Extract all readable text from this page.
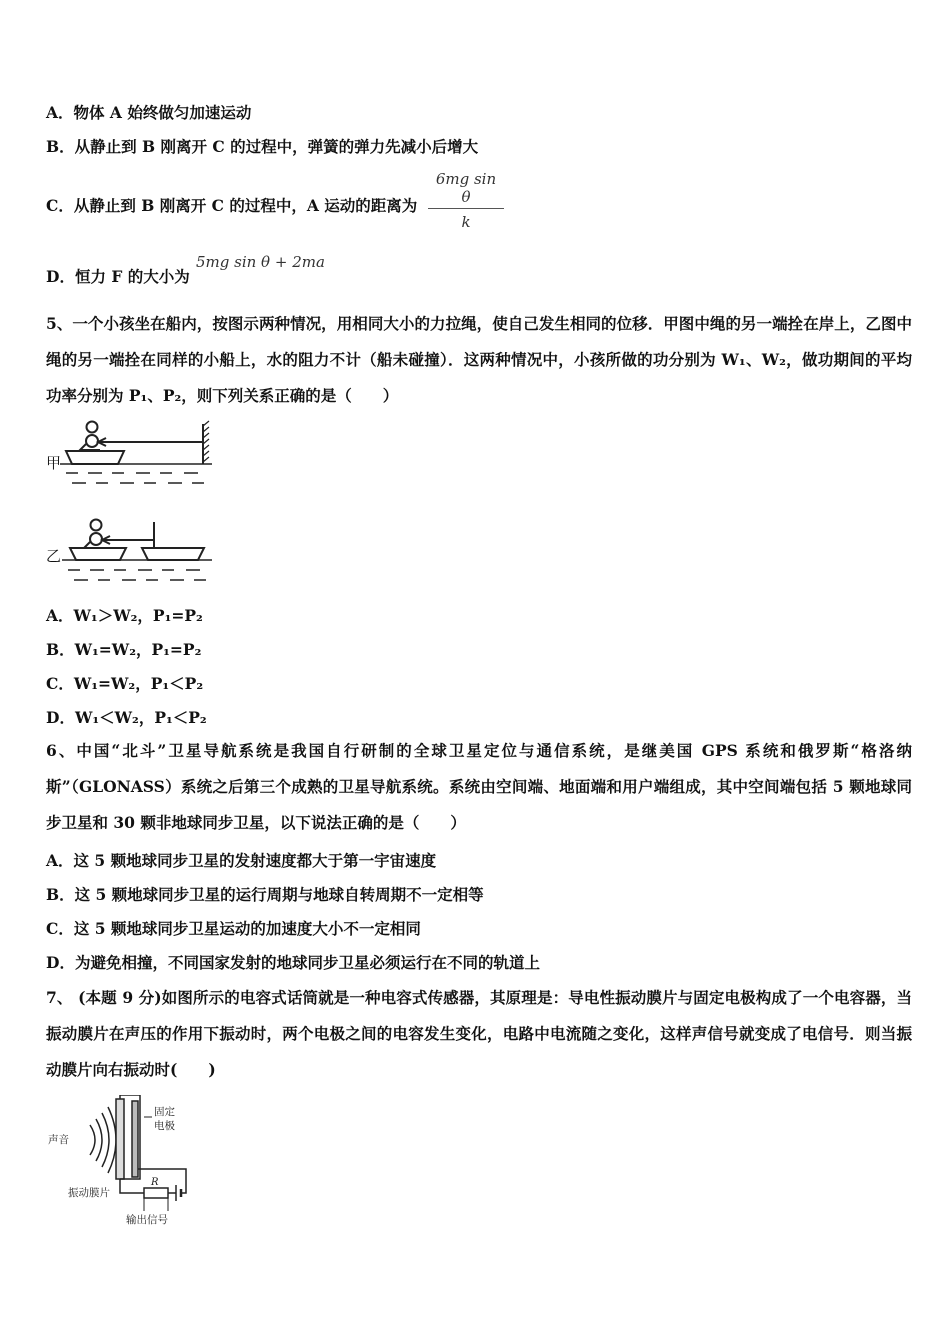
A．物体 A 始终做匀加速运动
B．从静止到 B 刚离开 C 的过程中，弹簧的弹力先减小后增大
C．从静止到 B 刚离开 C 的过程中，A 运动的距离为
6mg sin θ
k
D．恒力 F 的大小为
5mg sin θ + 2ma
5、一个小孩坐在船内，按图示两种情况，用相同大小的力拉绳，使自己发生相同的位移．甲图中绳的另一端拴在岸上，乙图中绳的另一端拴在同样的小船上，水的阻力不计（船未碰撞）．这两种情况中，小孩所做的功分别为 W₁、W₂，做功期间的平均功率分别为 P₁、P₂，则下列关系正确的是（　　）
甲
乙
A．W₁＞W₂，P₁=P₂
B．W₁=W₂，P₁=P₂
C．W₁=W₂，P₁＜P₂
D．W₁＜W₂，P₁＜P₂
6、中国“北斗”卫星导航系统是我国自行研制的全球卫星定位与通信系统，是继美国 GPS 系统和俄罗斯“格洛纳斯”（GLONASS）系统之后第三个成熟的卫星导航系统。系统由空间端、地面端和用户端组成，其中空间端包括 5 颗地球同步卫星和 30 颗非地球同步卫星，以下说法正确的是（　　）
A．这 5 颗地球同步卫星的发射速度都大于第一宇宙速度
B．这 5 颗地球同步卫星的运行周期与地球自转周期不一定相等
C．这 5 颗地球同步卫星运动的加速度大小不一定相同
D．为避免相撞，不同国家发射的地球同步卫星必须运行在不同的轨道上
7、 (本题 9 分)如图所示的电容式话筒就是一种电容式传感器，其原理是：导电性振动膜片与固定电极构成了一个电容器，当振动膜片在声压的作用下振动时，两个电极之间的电容发生变化，电路中电流随之变化，这样声信号就变成了电信号．则当振动膜片向右振动时(　　)
声音
固定
电极
振动膜片
R
输出信号
